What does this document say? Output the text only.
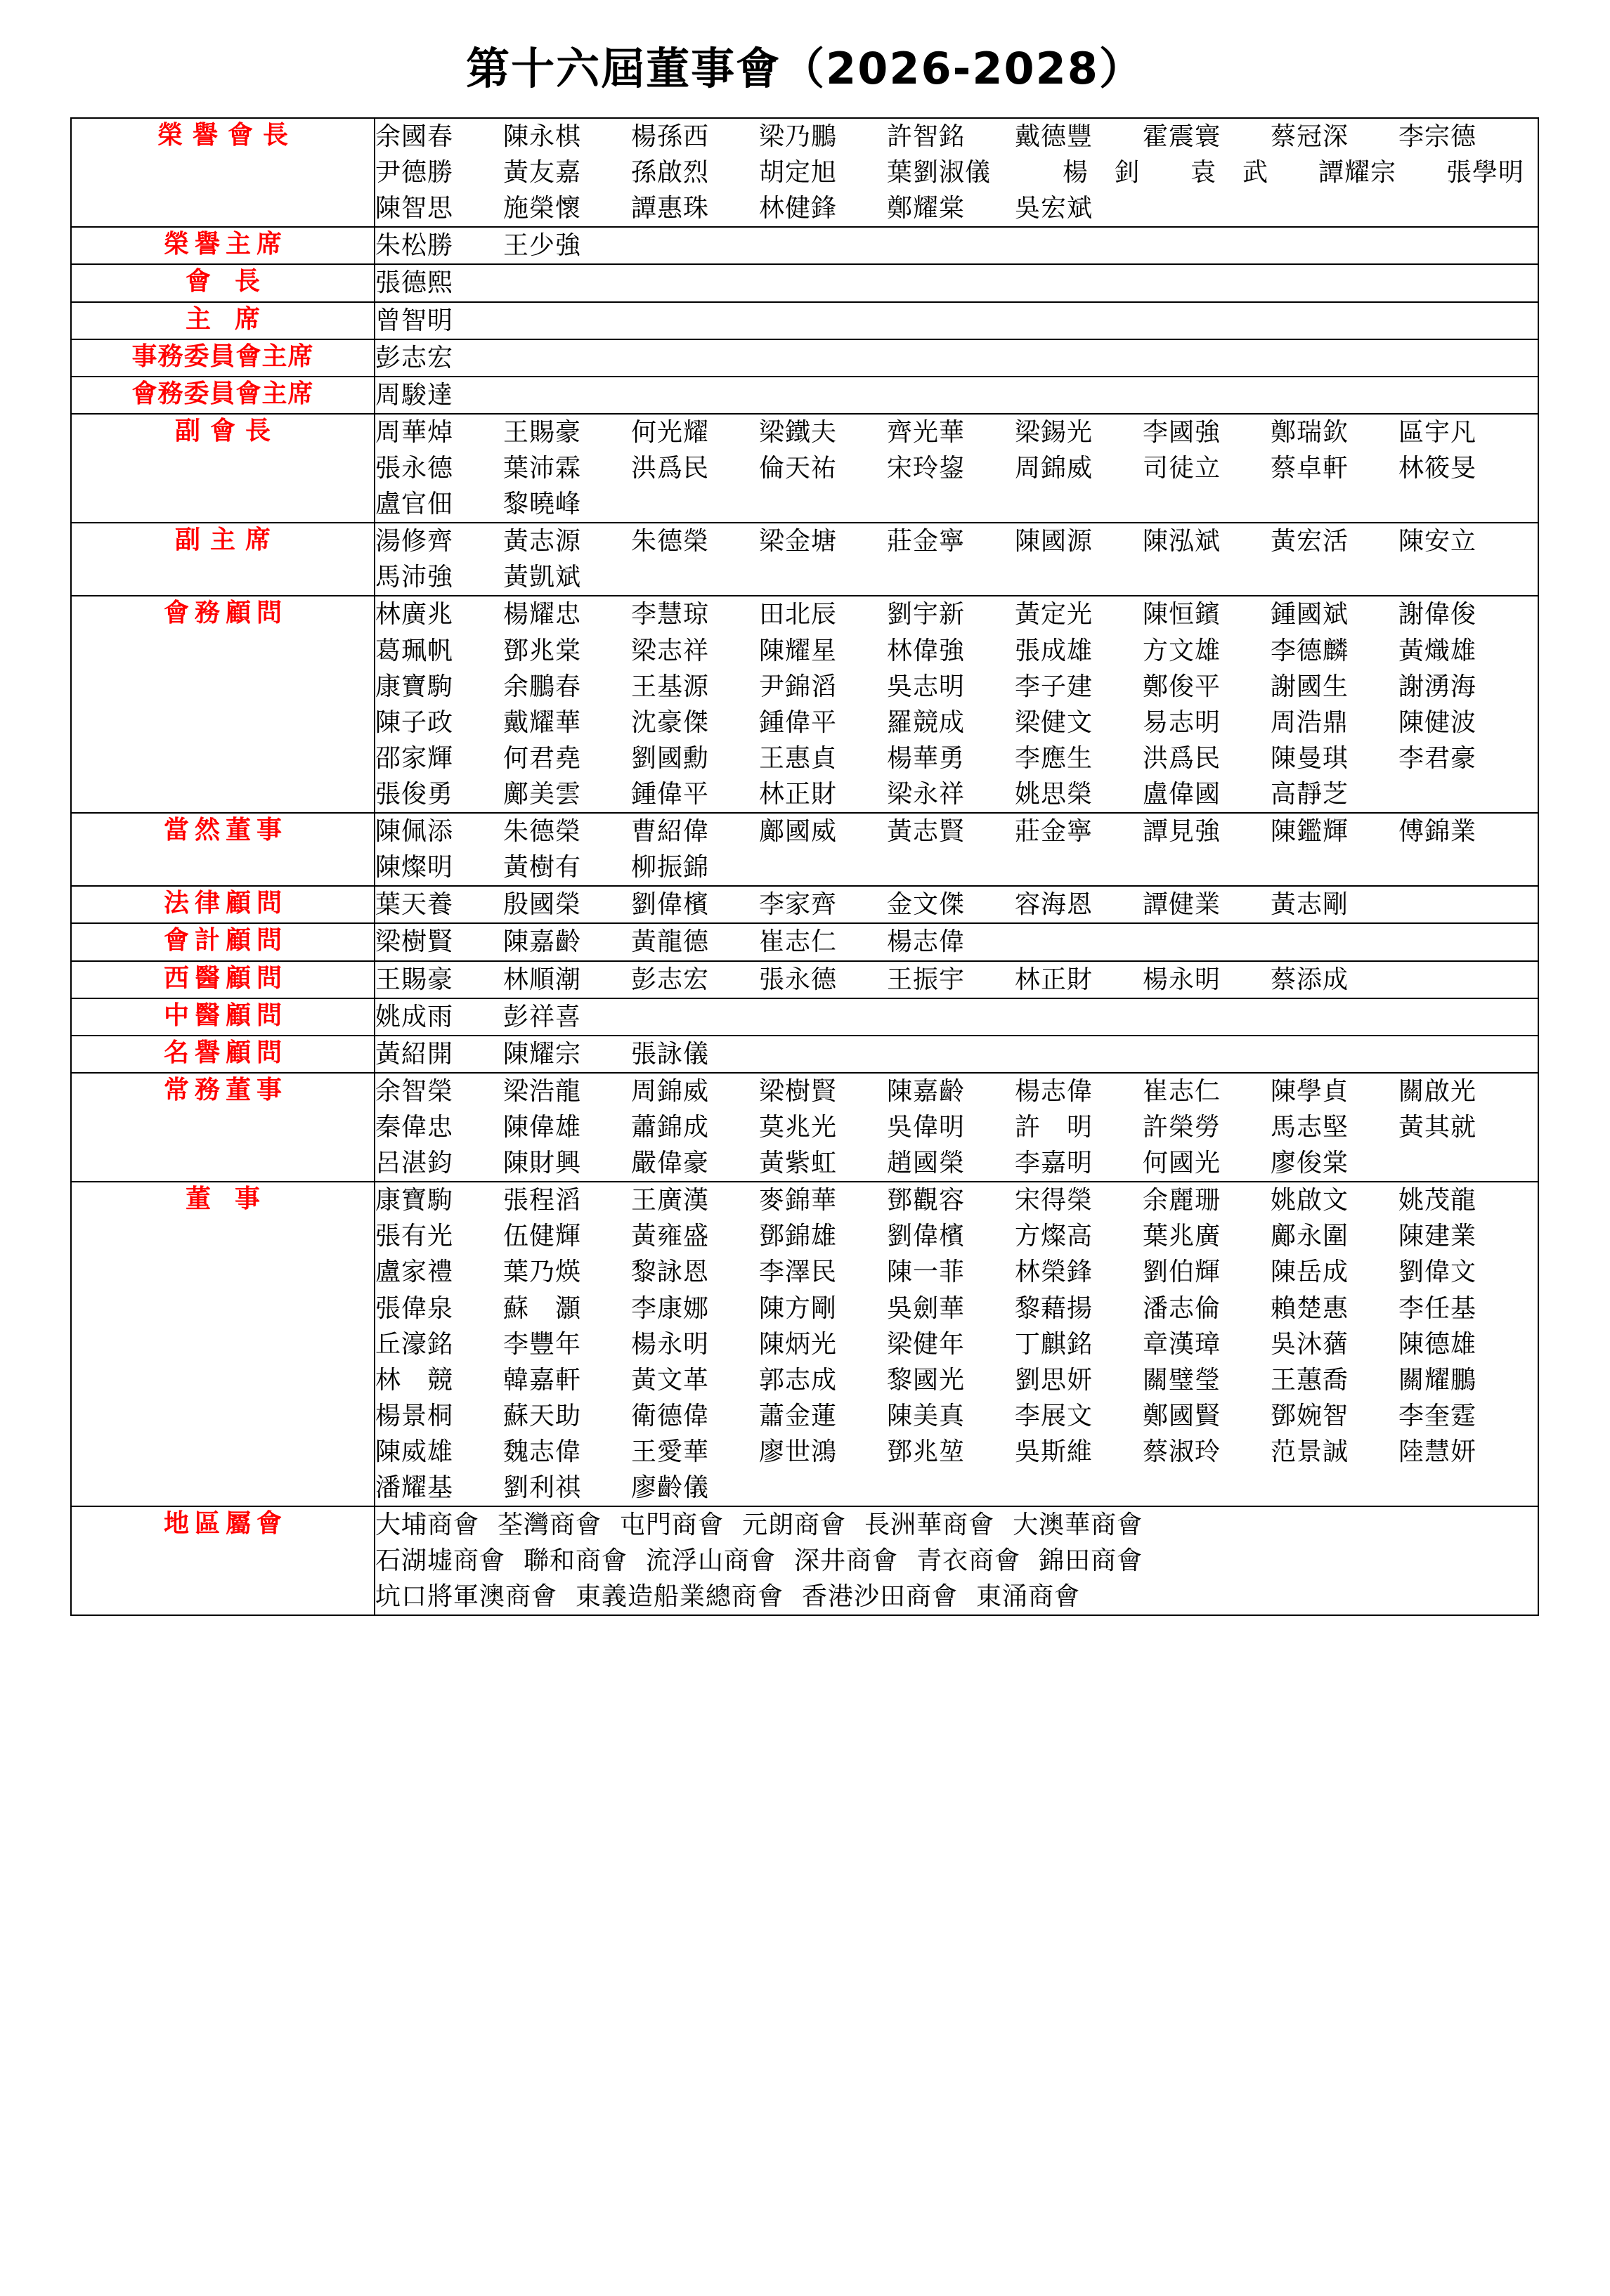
第十六屆董事會（2026-2028）
榮譽會長	余國春	陳永棋	楊孫西	梁乃鵬	許智銘	戴德豐	霍震寰	蔡冠深	李宗德
尹德勝	黃友嘉	孫啟烈	胡定旭	葉劉淑儀	楊　釗	袁　武	譚耀宗	張學明
陳智思	施榮懷	譚惠珠	林健鋒	鄭耀棠	吳宏斌

榮譽主席	朱松勝 王少強

會長	張德熙

主席	曾智明

事務委員會主席	彭志宏

會務委員會主席	周駿達

副會長	周華焯	王賜豪	何光耀	梁鐵夫	齊光華	梁錫光	李國強	鄭瑞欽	區宇凡
張永德	葉沛霖	洪爲民	倫天祐	宋玲鋆	周錦威	司徒立	蔡卓軒	林筱旻
盧官佃	黎曉峰

副主席	湯修齊	黃志源	朱德榮	梁金塘	莊金寧	陳國源	陳泓斌	黃宏活	陳安立
馬沛強	黃凱斌

會務顧問	林廣兆	楊耀忠	李慧琼	田北辰	劉宇新	黃定光	陳恒鑌	鍾國斌	謝偉俊
葛珮帆	鄧兆棠	梁志祥	陳耀星	林偉強	張成雄	方文雄	李德麟	黃熾雄
康寶駒	余鵬春	王基源	尹錦滔	吳志明	李子建	鄭俊平	謝國生	謝湧海
陳子政	戴耀華	沈豪傑	鍾偉平	羅競成	梁健文	易志明	周浩鼎	陳健波
邵家輝	何君堯	劉國勳	王惠貞	楊華勇	李應生	洪爲民	陳曼琪	李君豪
張俊勇	鄺美雲	鍾偉平	林正財	梁永祥	姚思榮	盧偉國	高靜芝

當然董事	陳佩添	朱德榮	曹紹偉	鄺國威	黃志賢	莊金寧	譚見強	陳鑑輝	傅錦業
陳燦明	黃樹有	柳振錦

法律顧問	葉天養	殷國榮	劉偉檳	李家齊	金文傑	容海恩	譚健業	黃志剛

會計顧問	梁樹賢 陳嘉齡 黃龍德 崔志仁 楊志偉

西醫顧問	王賜豪	林順潮	彭志宏	張永德	王振宇	林正財	楊永明	蔡添成

中醫顧問	姚成雨 彭祥喜

名譽顧問	黃紹開 陳耀宗 張詠儀

常務董事	余智榮	梁浩龍	周錦威	梁樹賢	陳嘉齡	楊志偉	崔志仁	陳學貞	關啟光
秦偉忠	陳偉雄	蕭錦成	莫兆光	吳偉明	許　明	許榮勞	馬志堅	黃其就
呂湛鈞	陳財興	嚴偉豪	黃紫虹	趙國榮	李嘉明	何國光	廖俊棠

董事	康寶駒	張程滔	王廣漢	麥錦華	鄧觀容	宋得榮	余麗珊	姚啟文	姚茂龍
張有光	伍健輝	黃雍盛	鄧錦雄	劉偉檳	方燦高	葉兆廣	鄺永圍	陳建業
盧家禮	葉乃煐	黎詠恩	李澤民	陳一菲	林榮鋒	劉伯輝	陳岳成	劉偉文
張偉泉	蘇　灝	李康娜	陳方剛	吳劍華	黎藉揚	潘志倫	賴楚惠	李任基
丘濠銘	李豐年	楊永明	陳炳光	梁健年	丁麒銘	章漢璋	吳沐蕕	陳德雄
林　競	韓嘉軒	黃文革	郭志成	黎國光	劉思妍	關璧瑩	王蕙喬	關耀鵬
楊景桐	蘇天助	衛德偉	蕭金蓮	陳美真	李展文	鄭國賢	鄧婉智	李奎霆
陳威雄	魏志偉	王愛華	廖世鴻	鄧兆堃	吳斯維	蔡淑玲	范景誠	陸慧妍
潘耀基	劉利祺	廖齡儀

地區屬會	大埔商會 荃灣商會 屯門商會 元朗商會 長洲華商會 大澳華商會
石湖墟商會 聯和商會 流浮山商會 深井商會 青衣商會 錦田商會
坑口將軍澳商會 東義造船業總商會 香港沙田商會 東涌商會
